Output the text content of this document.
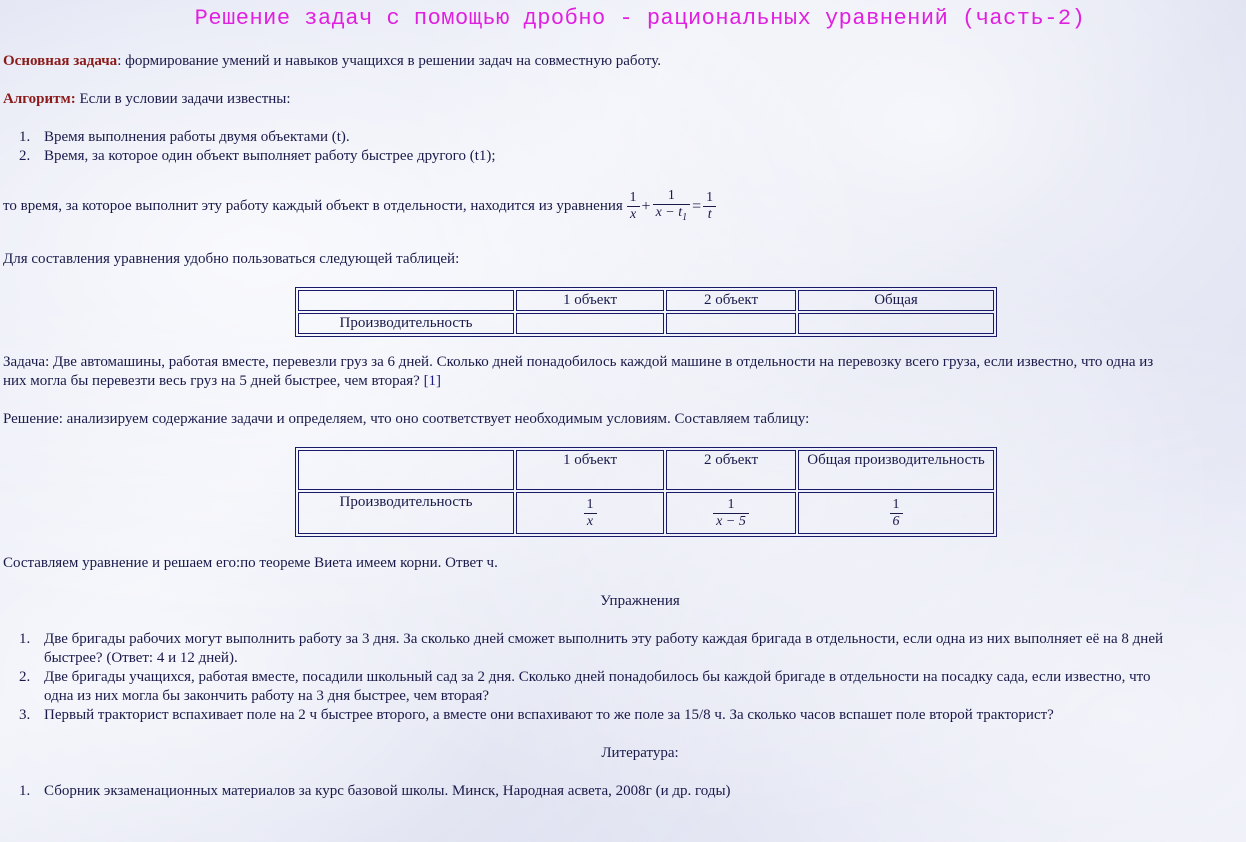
Решение задач с помощью дробно - рациональных уравнений (часть-2)
Основная задача: формирование умений и навыков учащихся в решении задач на совместную работу.
Алгоритм: Если в условии задачи известны:
1. Время выполнения работы двумя объектами (t).
2. Время, за которое один объект выполняет работу быстрее другого (t1);
то время, за которое выполнит эту работу каждый объект в отдельности, находится из уравнения $\frac{1}{x} + \frac{1}{x - t_1} = \frac{1}{t}$
Для составления уравнения удобно пользоваться следующей таблицей:
	1 объект	2 объект	Общая
Производительность			
Задача: Две автомашины, работая вместе, перевезли груз за 6 дней. Сколько дней понадобилось каждой машине в отдельности на перевозку всего груза, если известно, что одна из
них могла бы перевезти весь груз на 5 дней быстрее, чем вторая? [1]
Решение: анализируем содержание задачи и определяем, что оно соответствует необходимым условиям. Составляем таблицу:
	1 объект	2 объект	Общая производительность
Производительность	$\frac{1}{x}$	$\frac{1}{x - 5}$	$\frac{1}{6}$
Составляем уравнение и решаем его:по теореме Виета имеем корни. Ответ ч.
Упражнения
1. Две бригады рабочих могут выполнить работу за 3 дня. За сколько дней сможет выполнить эту работу каждая бригада в отдельности, если одна из них выполняет её на 8 дней
быстрее? (Ответ: 4 и 12 дней).
2. Две бригады учащихся, работая вместе, посадили школьный сад за 2 дня. Сколько дней понадобилось бы каждой бригаде в отдельности на посадку сада, если известно, что
одна из них могла бы закончить работу на 3 дня быстрее, чем вторая?
3. Первый тракторист вспахивает поле на 2 ч быстрее второго, а вместе они вспахивают то же поле за 15/8 ч. За сколько часов вспашет поле второй тракторист?
Литература:
1. Сборник экзаменационных материалов за курс базовой школы. Минск, Народная асвета, 2008г (и др. годы)
